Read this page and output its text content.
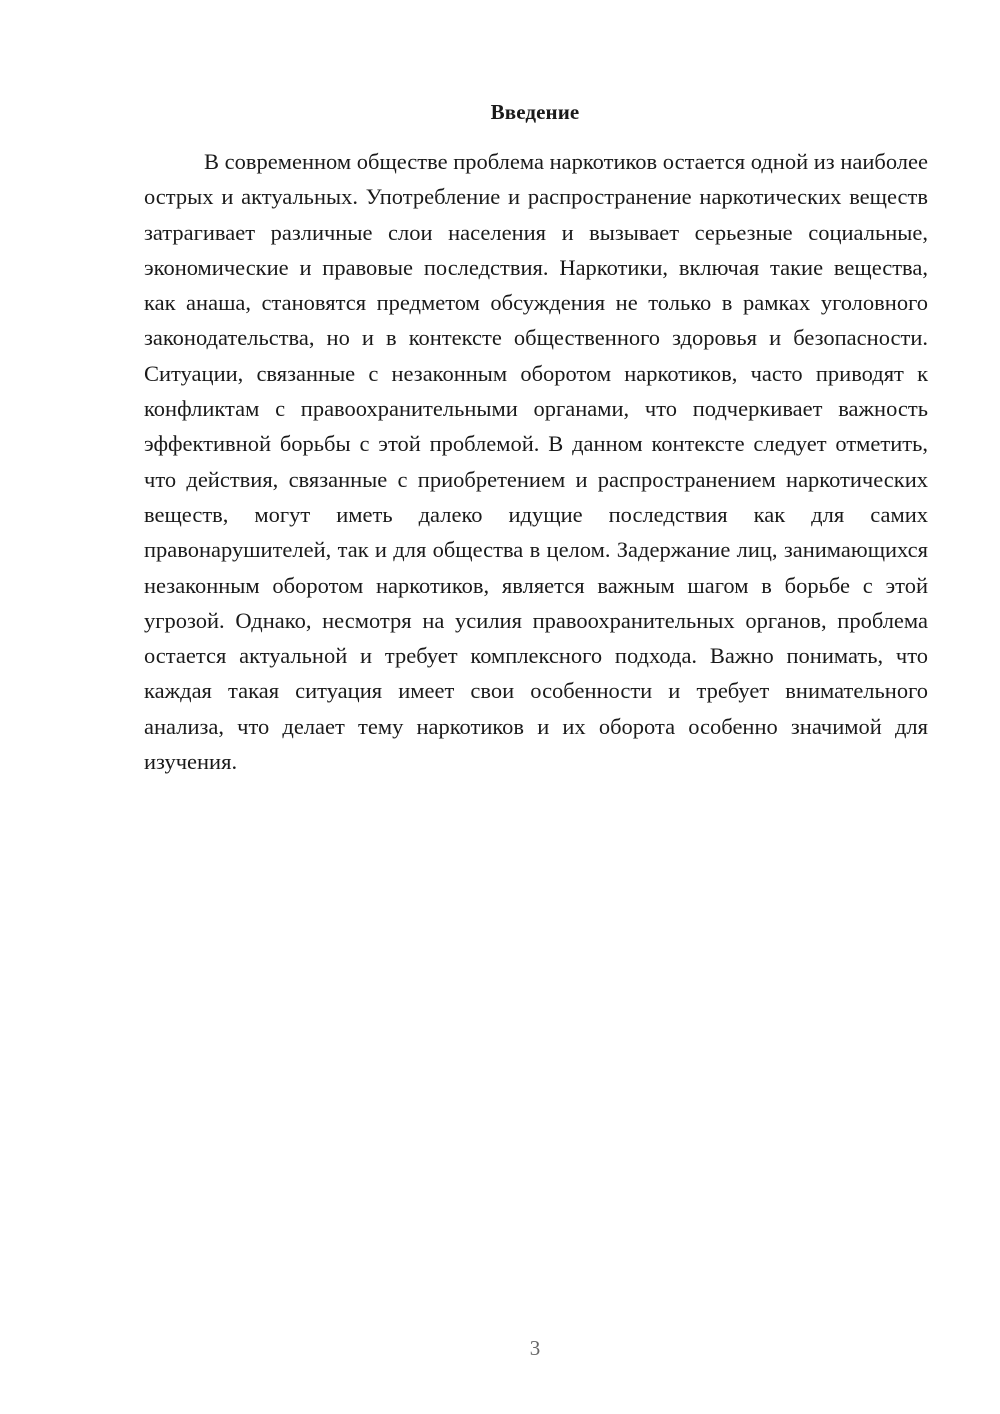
Введение

В современном обществе проблема наркотиков остается одной из наиболее острых и актуальных. Употребление и распространение наркотических веществ затрагивает различные слои населения и вызывает серьезные социальные, экономические и правовые последствия. Наркотики, включая такие вещества, как анаша, становятся предметом обсуждения не только в рамках уголовного законодательства, но и в контексте общественного здоровья и безопасности. Ситуации, связанные с незаконным оборотом наркотиков, часто приводят к конфликтам с правоохранительными органами, что подчеркивает важность эффективной борьбы с этой проблемой. В данном контексте следует отметить, что действия, связанные с приобретением и распространением наркотических веществ, могут иметь далеко идущие последствия как для самих правонарушителей, так и для общества в целом. Задержание лиц, занимающихся незаконным оборотом наркотиков, является важным шагом в борьбе с этой угрозой. Однако, несмотря на усилия правоохранительных органов, проблема остается актуальной и требует комплексного подхода. Важно понимать, что каждая такая ситуация имеет свои особенности и требует внимательного анализа, что делает тему наркотиков и их оборота особенно значимой для изучения.

3
